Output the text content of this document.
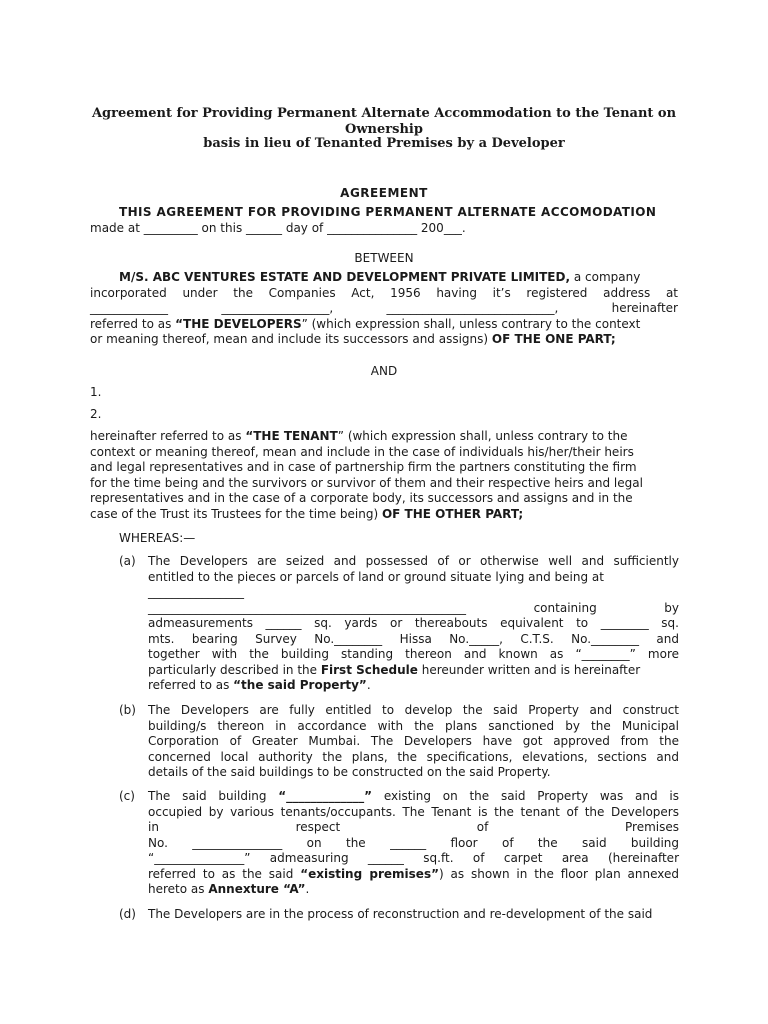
Agreement for Providing Permanent Alternate Accommodation to the Tenant on Ownership
basis in lieu of Tenanted Premises by a Developer
AGREEMENT
THIS AGREEMENT FOR PROVIDING PERMANENT ALTERNATE ACCOMODATION
made at _________ on this ______ day of _______________ 200___.
BETWEEN
M/S. ABC VENTURES ESTATE AND DEVELOPMENT PRIVATE LIMITED, a company
incorporated under the Companies Act, 1956 having it’s registered address at
_____________ __________________, ____________________________, hereinafter
referred to as “THE DEVELOPERS” (which expression shall, unless contrary to the context
or meaning thereof, mean and include its successors and assigns) OF THE ONE PART;
AND
1.
2.
hereinafter referred to as “THE TENANT” (which expression shall, unless contrary to the
context or meaning thereof, mean and include in the case of individuals his/her/their heirs
and legal representatives and in case of partnership firm the partners constituting the firm
for the time being and the survivors or survivor of them and their respective heirs and legal
representatives and in the case of a corporate body, its successors and assigns and in the
case of the Trust its Trustees for the time being) OF THE OTHER PART;
WHEREAS:—
(a) The Developers are seized and possessed of or otherwise well and sufficiently
entitled to the pieces or parcels of land or ground situate lying and being at
________________
_____________________________________________________ containing by
admeasurements ______ sq. yards or thereabouts equivalent to ________ sq.
mts. bearing Survey No.________ Hissa No._____, C.T.S. No.________ and
together with the building standing thereon and known as “________” more
particularly described in the First Schedule hereunder written and is hereinafter
referred to as “the said Property”.
(b) The Developers are fully entitled to develop the said Property and construct
building/s thereon in accordance with the plans sanctioned by the Municipal
Corporation of Greater Mumbai. The Developers have got approved from the
concerned local authority the plans, the specifications, elevations, sections and
details of the said buildings to be constructed on the said Property.
(c) The said building “_____________” existing on the said Property was and is
occupied by various tenants/occupants. The Tenant is the tenant of the Developers
in respect of Premises
No. _______________ on the ______ floor of the said building
“_______________” admeasuring ______ sq.ft. of carpet area (hereinafter
referred to as the said “existing premises”) as shown in the floor plan annexed
hereto as Annexture “A”.
(d) The Developers are in the process of reconstruction and re-development of the said
